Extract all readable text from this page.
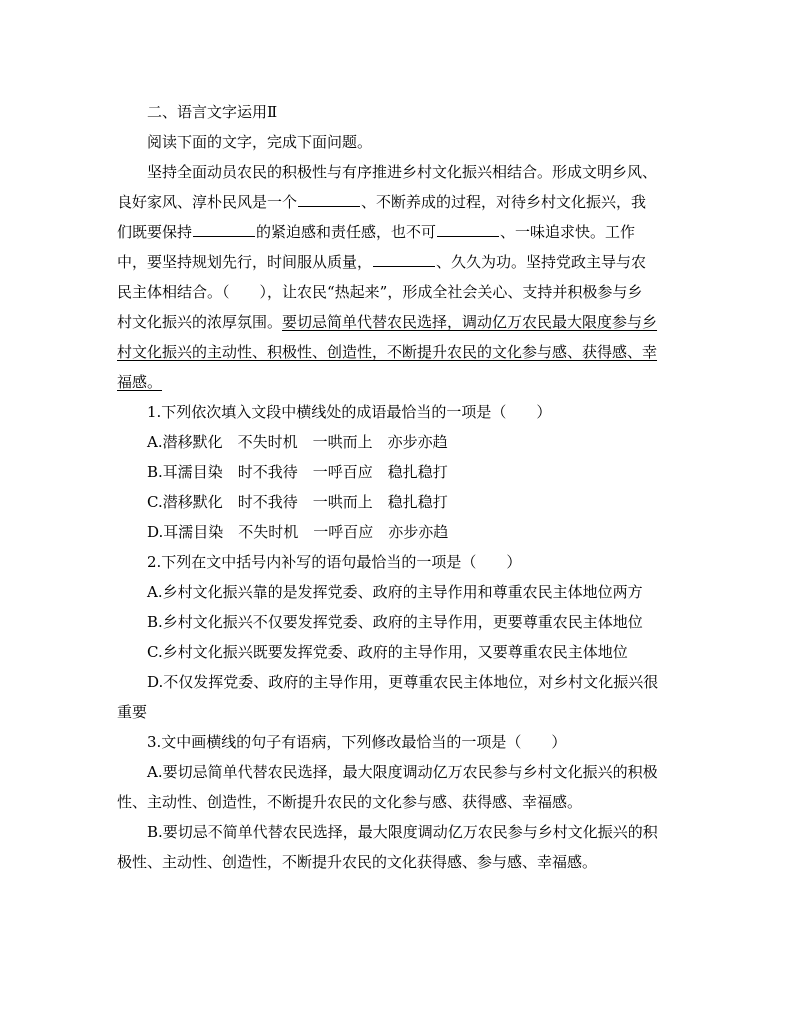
二、语言文字运用Ⅱ
阅读下面的文字，完成下面问题。
坚持全面动员农民的积极性与有序推进乡村文化振兴相结合。形成文明乡风、
良好家风、淳朴民风是一个	、不断养成的过程，对待乡村文化振兴，我
们既要保持	的紧迫感和责任感，也不可	、一味追求快。工作
中，要坚持规划先行，时间服从质量，	、久久为功。坚持党政主导与农
民主体相结合。（　　），让农民“热起来”，形成全社会关心、支持并积极参与乡
村文化振兴的浓厚氛围。要切忌简单代替农民选择，调动亿万农民最大限度参与乡
村文化振兴的主动性、积极性、创造性，不断提升农民的文化参与感、获得感、幸
福感。
1.下列依次填入文段中横线处的成语最恰当的一项是（　　）
A.潜移默化　不失时机　一哄而上　亦步亦趋
B.耳濡目染　时不我待　一呼百应　稳扎稳打
C.潜移默化　时不我待　一哄而上　稳扎稳打
D.耳濡目染　不失时机　一呼百应　亦步亦趋
2.下列在文中括号内补写的语句最恰当的一项是（　　）
A.乡村文化振兴靠的是发挥党委、政府的主导作用和尊重农民主体地位两方
B.乡村文化振兴不仅要发挥党委、政府的主导作用，更要尊重农民主体地位
C.乡村文化振兴既要发挥党委、政府的主导作用，又要尊重农民主体地位
D.不仅发挥党委、政府的主导作用，更尊重农民主体地位，对乡村文化振兴很
重要
3.文中画横线的句子有语病，下列修改最恰当的一项是（　　）
A.要切忌简单代替农民选择，最大限度调动亿万农民参与乡村文化振兴的积极
性、主动性、创造性，不断提升农民的文化参与感、获得感、幸福感。
B.要切忌不简单代替农民选择，最大限度调动亿万农民参与乡村文化振兴的积
极性、主动性、创造性，不断提升农民的文化获得感、参与感、幸福感。
